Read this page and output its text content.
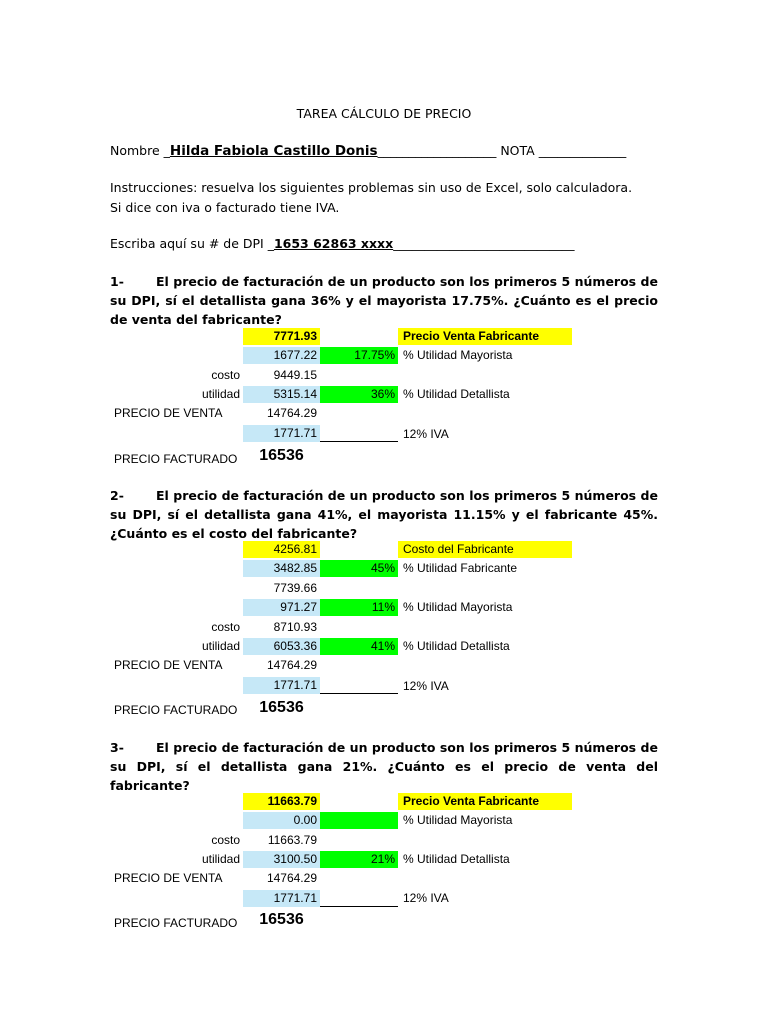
TAREA CÁLCULO DE PRECIO
Nombre _Hilda Fabiola Castillo Donis___________________ NOTA ______________
Instrucciones: resuelva los siguientes problemas sin uso de Excel, solo calculadora.
Si dice con iva o facturado tiene IVA.
Escriba aquí su # de DPI _1653 62863 xxxx_____________________________
1-	El precio de facturación de un producto son los primeros 5 números de su DPI, sí el detallista gana 36% y el mayorista 17.75%. ¿Cuánto es el precio de venta del fabricante?
7771.93	Precio Venta Fabricante
1677.22	17.75% % Utilidad Mayorista
costo	9449.15
utilidad	5315.14	36% % Utilidad Detallista
PRECIO DE VENTA	14764.29
1771.71	12% IVA
PRECIO FACTURADO	16536
2-	El precio de facturación de un producto son los primeros 5 números de su DPI, sí el detallista gana 41%, el mayorista 11.15% y el fabricante 45%. ¿Cuánto es el costo del fabricante?
4256.81	Costo del Fabricante
3482.85	45% % Utilidad Fabricante
7739.66
971.27	11% % Utilidad Mayorista
costo	8710.93
utilidad	6053.36	41% % Utilidad Detallista
PRECIO DE VENTA	14764.29
1771.71	12% IVA
PRECIO FACTURADO	16536
3-	El precio de facturación de un producto son los primeros 5 números de su DPI, sí el detallista gana 21%. ¿Cuánto es el precio de venta del fabricante?
11663.79	Precio Venta Fabricante
0.00	% Utilidad Mayorista
costo	11663.79
utilidad	3100.50	21% % Utilidad Detallista
PRECIO DE VENTA	14764.29
1771.71	12% IVA
PRECIO FACTURADO	16536
